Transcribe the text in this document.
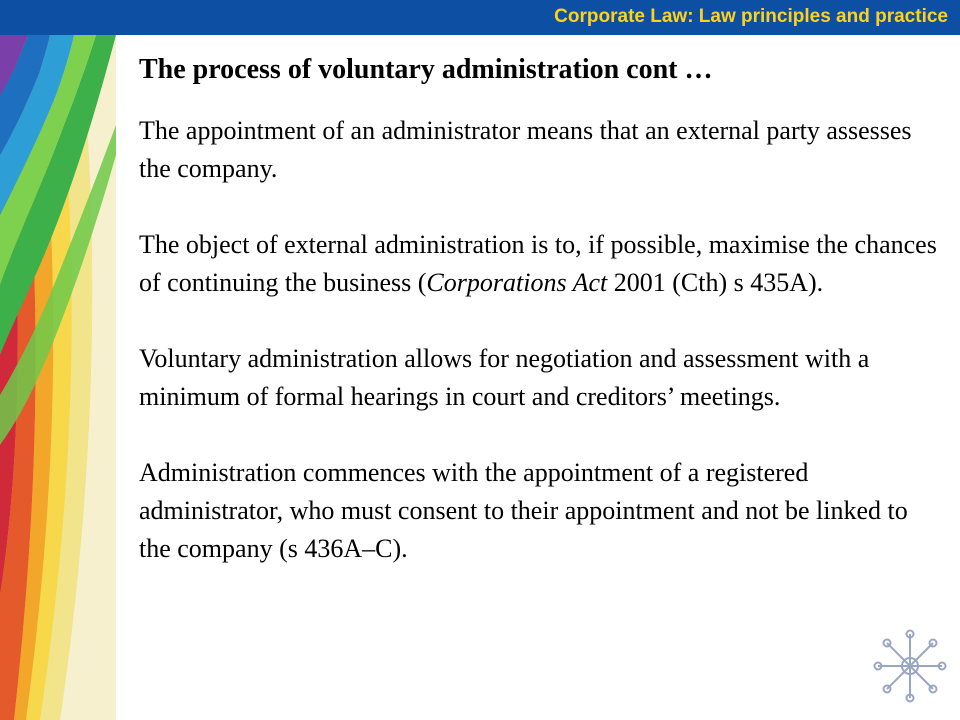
Corporate Law: Law principles and practice
The process of voluntary administration cont …

The appointment of an administrator means that an external party assesses the company.

The object of external administration is to, if possible, maximise the chances of continuing the business (Corporations Act 2001 (Cth) s 435A).

Voluntary administration allows for negotiation and assessment with a minimum of formal hearings in court and creditors’ meetings.

Administration commences with the appointment of a registered administrator, who must consent to their appointment and not be linked to the company (s 436A–C).
